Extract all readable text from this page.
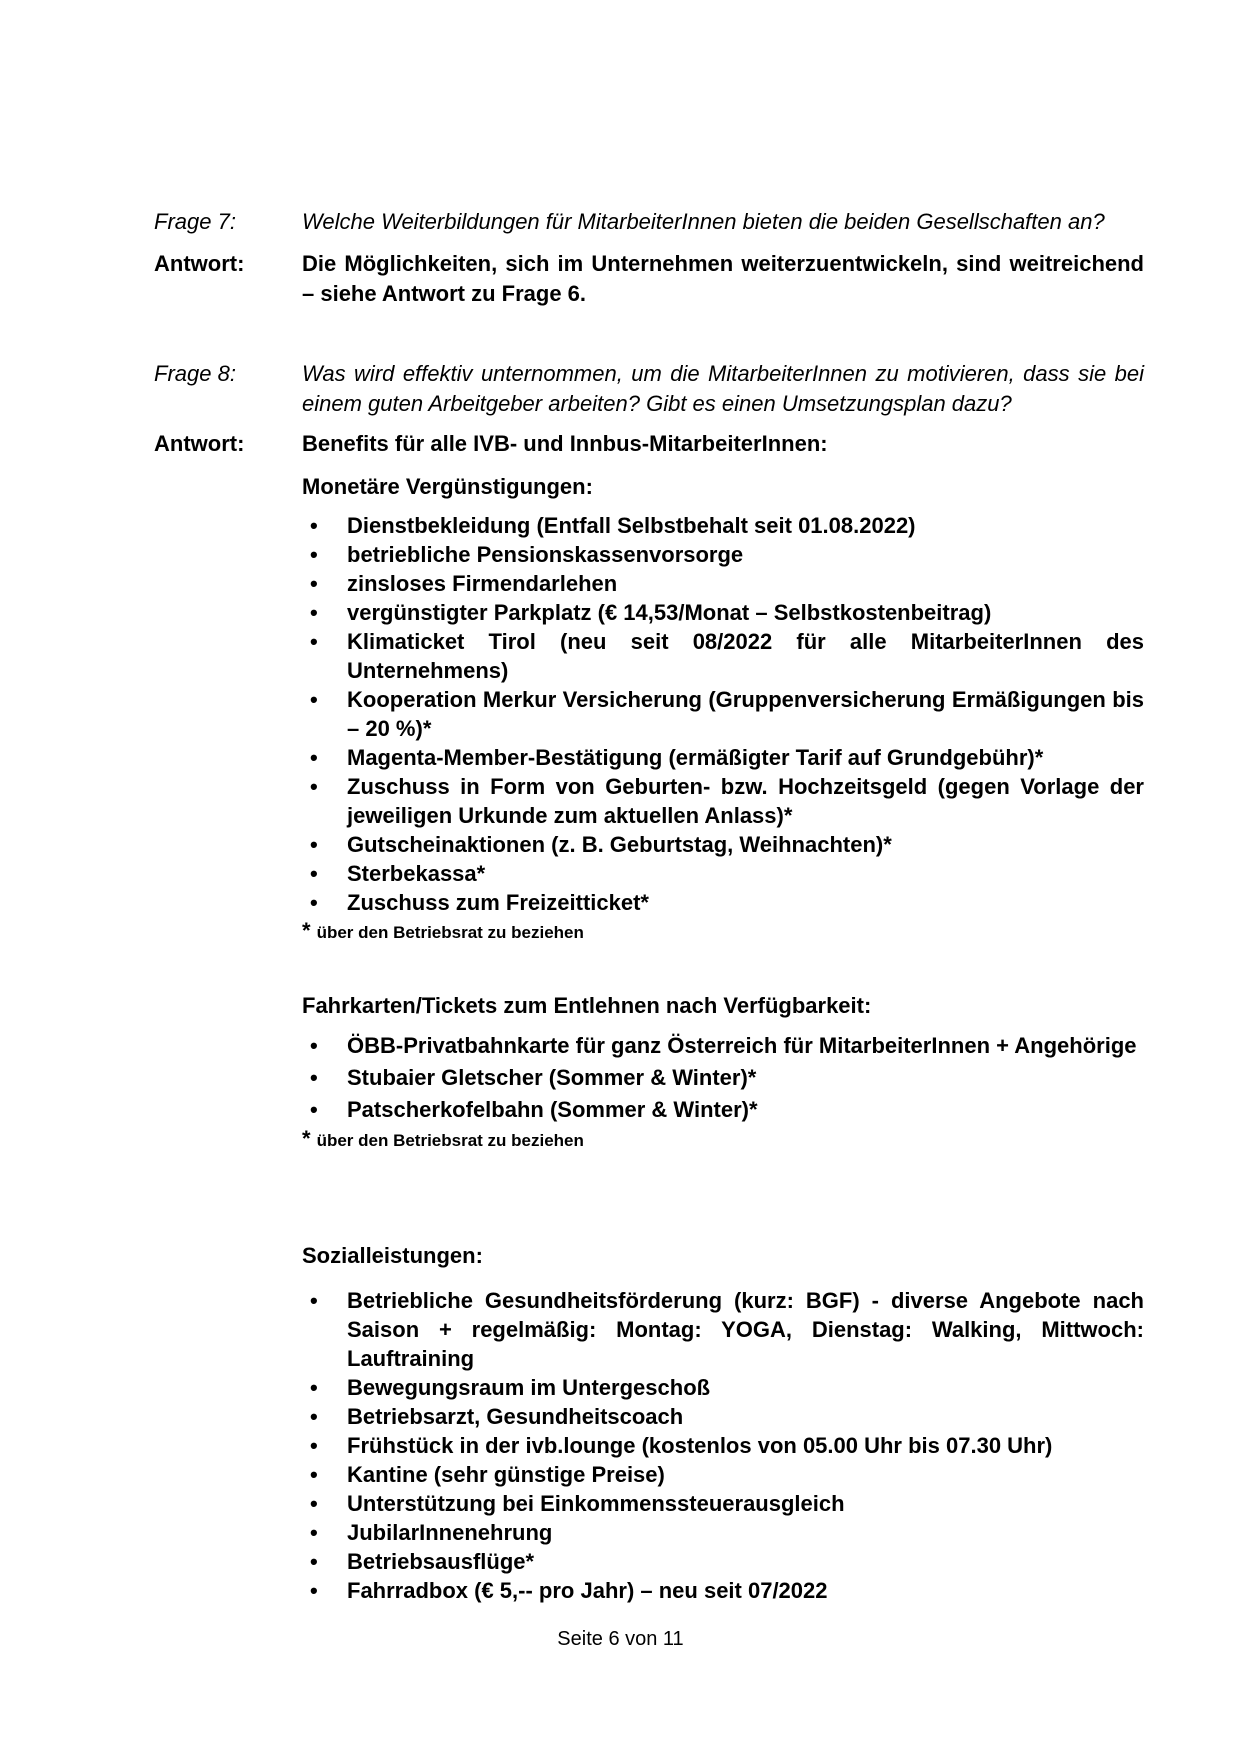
Frage 7:	Welche Weiterbildungen für MitarbeiterInnen bieten die beiden Gesellschaften an?
Antwort:	Die Möglichkeiten, sich im Unternehmen weiterzuentwickeln, sind weitreichend – siehe Antwort zu Frage 6.
Frage 8:	Was wird effektiv unternommen, um die MitarbeiterInnen zu motivieren, dass sie bei einem guten Arbeitgeber arbeiten? Gibt es einen Umsetzungsplan dazu?
Antwort:	Benefits für alle IVB- und Innbus-MitarbeiterInnen:
Monetäre Vergünstigungen:
• Dienstbekleidung (Entfall Selbstbehalt seit 01.08.2022)
• betriebliche Pensionskassenvorsorge
• zinsloses Firmendarlehen
• vergünstigter Parkplatz (€ 14,53/Monat – Selbstkostenbeitrag)
• Klimaticket Tirol (neu seit 08/2022 für alle MitarbeiterInnen des Unternehmens)
• Kooperation Merkur Versicherung (Gruppenversicherung Ermäßigungen bis – 20 %)*
• Magenta-Member-Bestätigung (ermäßigter Tarif auf Grundgebühr)*
• Zuschuss in Form von Geburten- bzw. Hochzeitsgeld (gegen Vorlage der jeweiligen Urkunde zum aktuellen Anlass)*
• Gutscheinaktionen (z. B. Geburtstag, Weihnachten)*
• Sterbekassa*
• Zuschuss zum Freizeitticket*
* über den Betriebsrat zu beziehen
Fahrkarten/Tickets zum Entlehnen nach Verfügbarkeit:
• ÖBB-Privatbahnkarte für ganz Österreich für MitarbeiterInnen + Angehörige
• Stubaier Gletscher (Sommer & Winter)*
• Patscherkofelbahn (Sommer & Winter)*
* über den Betriebsrat zu beziehen
Sozialleistungen:
• Betriebliche Gesundheitsförderung (kurz: BGF) - diverse Angebote nach Saison + regelmäßig: Montag: YOGA, Dienstag: Walking, Mittwoch: Lauftraining
• Bewegungsraum im Untergeschoß
• Betriebsarzt, Gesundheitscoach
• Frühstück in der ivb.lounge (kostenlos von 05.00 Uhr bis 07.30 Uhr)
• Kantine (sehr günstige Preise)
• Unterstützung bei Einkommenssteuerausgleich
• JubilarInnenehrung
• Betriebsausflüge*
• Fahrradbox (€ 5,-- pro Jahr) – neu seit 07/2022
Seite 6 von 11
